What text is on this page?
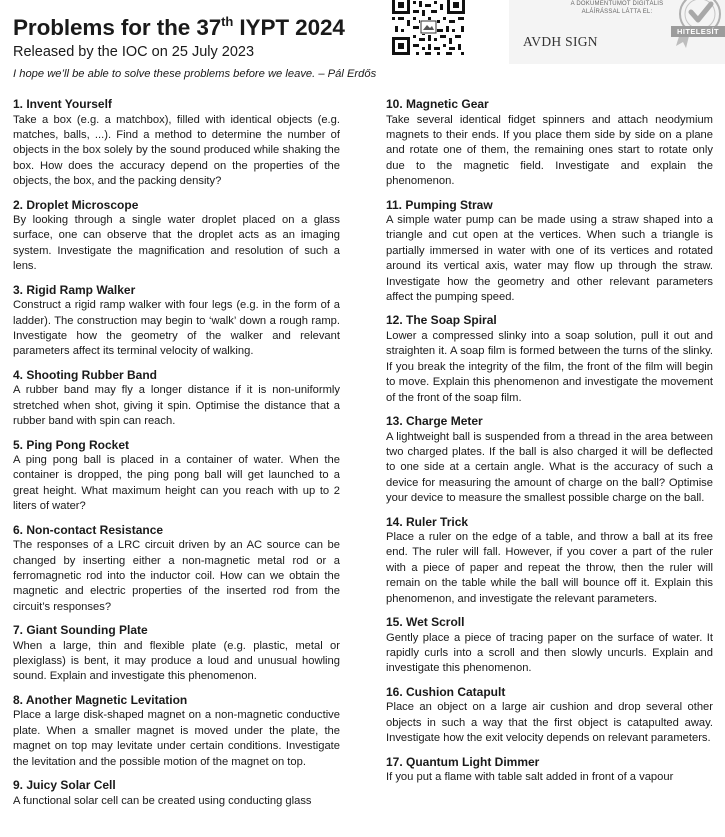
Problems for the 37th IYPT 2024
Released by the IOC on 25 July 2023
I hope we’ll be able to solve these problems before we leave. – Pál Erdős
A DOKUMENTUMOT DIGITÁLIS
ALÁÍRÁSSAL LÁTTA EL:
AVDH SIGN
HITELESÍT
1. Invent Yourself
Take a box (e.g. a matchbox), filled with identical objects (e.g. matches, balls, ...). Find a method to determine the number of objects in the box solely by the sound produced while shaking the box. How does the accuracy depend on the properties of the objects, the box, and the packing density?
2. Droplet Microscope
By looking through a single water droplet placed on a glass surface, one can observe that the droplet acts as an imaging system. Investigate the magnification and resolution of such a lens.
3. Rigid Ramp Walker
Construct a rigid ramp walker with four legs (e.g. in the form of a ladder). The construction may begin to ‘walk’ down a rough ramp. Investigate how the geometry of the walker and relevant parameters affect its terminal velocity of walking.
4. Shooting Rubber Band
A rubber band may fly a longer distance if it is non-uniformly stretched when shot, giving it spin. Optimise the distance that a rubber band with spin can reach.
5. Ping Pong Rocket
A ping pong ball is placed in a container of water. When the container is dropped, the ping pong ball will get launched to a great height. What maximum height can you reach with up to 2 liters of water?
6. Non-contact Resistance
The responses of a LRC circuit driven by an AC source can be changed by inserting either a non-magnetic metal rod or a ferromagnetic rod into the inductor coil. How can we obtain the magnetic and electric properties of the inserted rod from the circuit’s responses?
7. Giant Sounding Plate
When a large, thin and flexible plate (e.g. plastic, metal or plexiglass) is bent, it may produce a loud and unusual howling sound. Explain and investigate this phenomenon.
8. Another Magnetic Levitation
Place a large disk-shaped magnet on a non-magnetic conductive plate. When a smaller magnet is moved under the plate, the magnet on top may levitate under certain conditions. Investigate the levitation and the possible motion of the magnet on top.
9. Juicy Solar Cell
A functional solar cell can be created using conducting glass
10. Magnetic Gear
Take several identical fidget spinners and attach neodymium magnets to their ends. If you place them side by side on a plane and rotate one of them, the remaining ones start to rotate only due to the magnetic field. Investigate and explain the phenomenon.
11. Pumping Straw
A simple water pump can be made using a straw shaped into a triangle and cut open at the vertices. When such a triangle is partially immersed in water with one of its vertices and rotated around its vertical axis, water may flow up through the straw. Investigate how the geometry and other relevant parameters affect the pumping speed.
12. The Soap Spiral
Lower a compressed slinky into a soap solution, pull it out and straighten it. A soap film is formed between the turns of the slinky. If you break the integrity of the film, the front of the film will begin to move. Explain this phenomenon and investigate the movement of the front of the soap film.
13. Charge Meter
A lightweight ball is suspended from a thread in the area between two charged plates. If the ball is also charged it will be deflected to one side at a certain angle. What is the accuracy of such a device for measuring the amount of charge on the ball? Optimise your device to measure the smallest possible charge on the ball.
14. Ruler Trick
Place a ruler on the edge of a table, and throw a ball at its free end. The ruler will fall. However, if you cover a part of the ruler with a piece of paper and repeat the throw, then the ruler will remain on the table while the ball will bounce off it. Explain this phenomenon, and investigate the relevant parameters.
15. Wet Scroll
Gently place a piece of tracing paper on the surface of water. It rapidly curls into a scroll and then slowly uncurls. Explain and investigate this phenomenon.
16. Cushion Catapult
Place an object on a large air cushion and drop several other objects in such a way that the first object is catapulted away. Investigate how the exit velocity depends on relevant parameters.
17. Quantum Light Dimmer
If you put a flame with table salt added in front of a vapour
